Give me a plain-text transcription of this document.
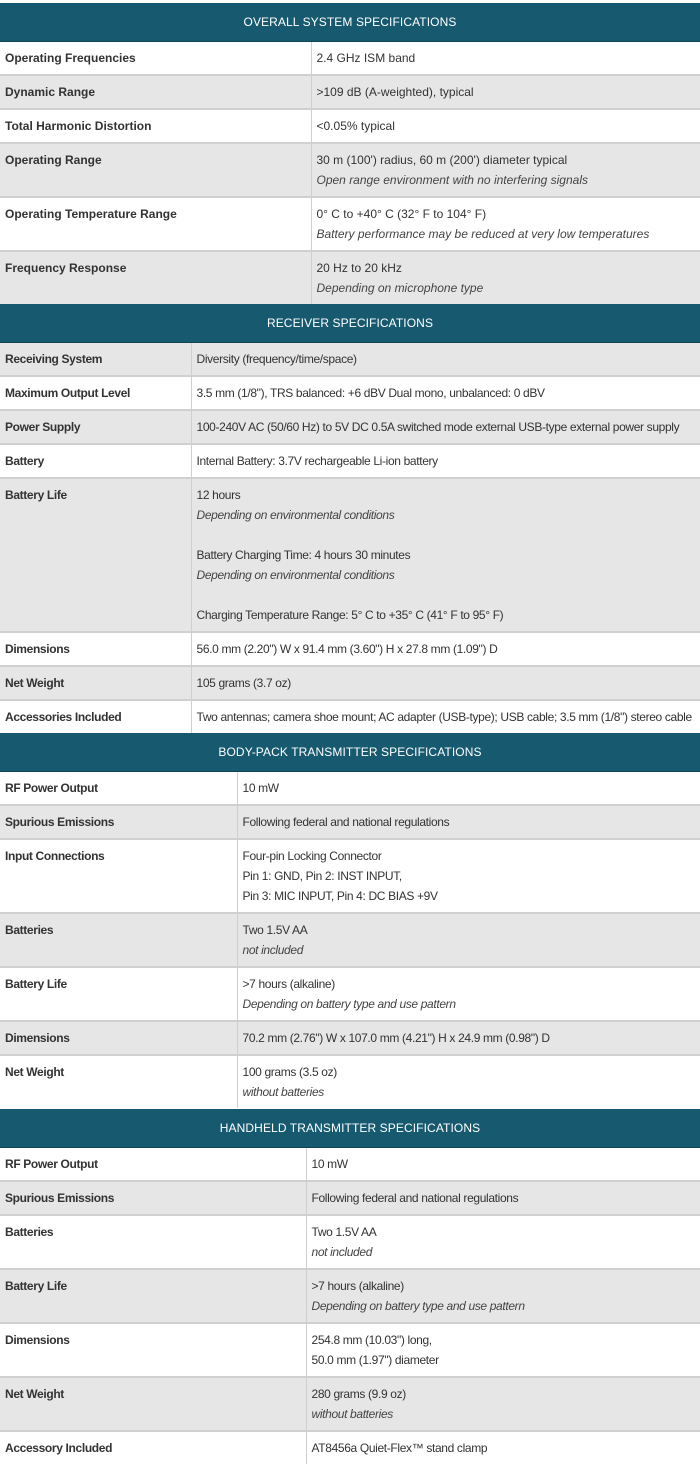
OVERALL SYSTEM SPECIFICATIONS	
Operating Frequencies	2.4 GHz ISM band

Dynamic Range	>109 dB (A-weighted), typical

Total Harmonic Distortion	<0.05% typical

Operating Range	30 m (100') radius, 60 m (200') diameter typical
Open range environment with no interfering signals

Operating Temperature Range	0° C to +40° C (32° F to 104° F)
Battery performance may be reduced at very low temperatures

Frequency Response	20 Hz to 20 kHz
Depending on microphone type
RECEIVER SPECIFICATIONS	
Receiving System	Diversity (frequency/time/space)

Maximum Output Level	3.5 mm (1/8"), TRS balanced: +6 dBV Dual mono, unbalanced: 0 dBV

Power Supply	100-240V AC (50/60 Hz) to 5V DC 0.5A switched mode external USB-type external power supply

Battery	Internal Battery: 3.7V rechargeable Li-ion battery

Battery Life	12 hours
Depending on environmental conditions
Battery Charging Time: 4 hours 30 minutes
Depending on environmental conditions
Charging Temperature Range: 5° C to +35° C (41° F to 95° F)

Dimensions	56.0 mm (2.20") W x 91.4 mm (3.60") H x 27.8 mm (1.09") D

Net Weight	105 grams (3.7 oz)

Accessories Included	Two antennas; camera shoe mount; AC adapter (USB-type); USB cable; 3.5 mm (1/8") stereo cable
BODY-PACK TRANSMITTER SPECIFICATIONS	
RF Power Output	10 mW

Spurious Emissions	Following federal and national regulations

Input Connections	Four-pin Locking Connector
Pin 1: GND, Pin 2: INST INPUT,
Pin 3: MIC INPUT, Pin 4: DC BIAS +9V

Batteries	Two 1.5V AA
not included

Battery Life	>7 hours (alkaline)
Depending on battery type and use pattern

Dimensions	70.2 mm (2.76") W x 107.0 mm (4.21") H x 24.9 mm (0.98") D

Net Weight	100 grams (3.5 oz)
without batteries
HANDHELD TRANSMITTER SPECIFICATIONS	
RF Power Output	10 mW

Spurious Emissions	Following federal and national regulations

Batteries	Two 1.5V AA
not included

Battery Life	>7 hours (alkaline)
Depending on battery type and use pattern

Dimensions	254.8 mm (10.03") long,
50.0 mm (1.97") diameter

Net Weight	280 grams (9.9 oz)
without batteries

Accessory Included	AT8456a Quiet-Flex™ stand clamp
